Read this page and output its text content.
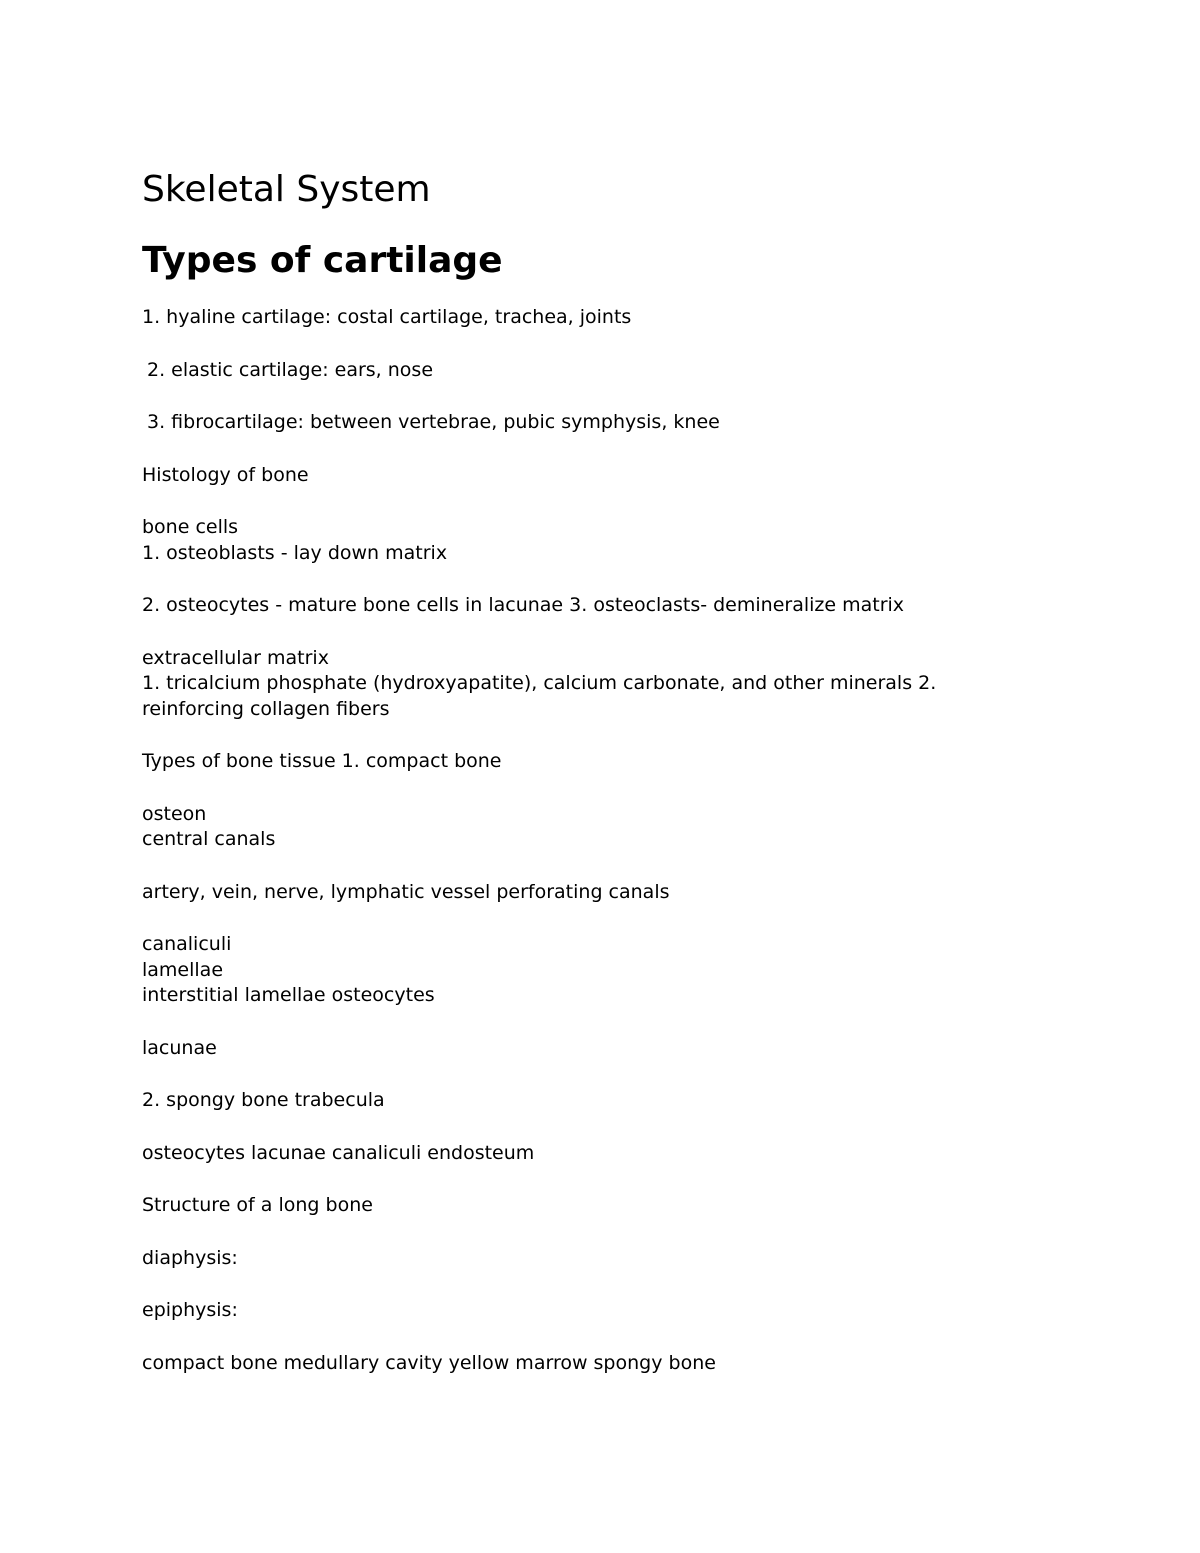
Skeletal System
Types of cartilage
1. hyaline cartilage: costal cartilage, trachea, joints
2. elastic cartilage: ears, nose
3. fibrocartilage: between vertebrae, pubic symphysis, knee
Histology of bone
bone cells
1. osteoblasts - lay down matrix
2. osteocytes - mature bone cells in lacunae 3. osteoclasts- demineralize matrix
extracellular matrix
1. tricalcium phosphate (hydroxyapatite), calcium carbonate, and other minerals 2.
reinforcing collagen fibers
Types of bone tissue 1. compact bone
osteon
central canals
artery, vein, nerve, lymphatic vessel perforating canals
canaliculi
lamellae
interstitial lamellae osteocytes
lacunae
2. spongy bone trabecula
osteocytes lacunae canaliculi endosteum
Structure of a long bone
diaphysis:
epiphysis:
compact bone medullary cavity yellow marrow spongy bone
